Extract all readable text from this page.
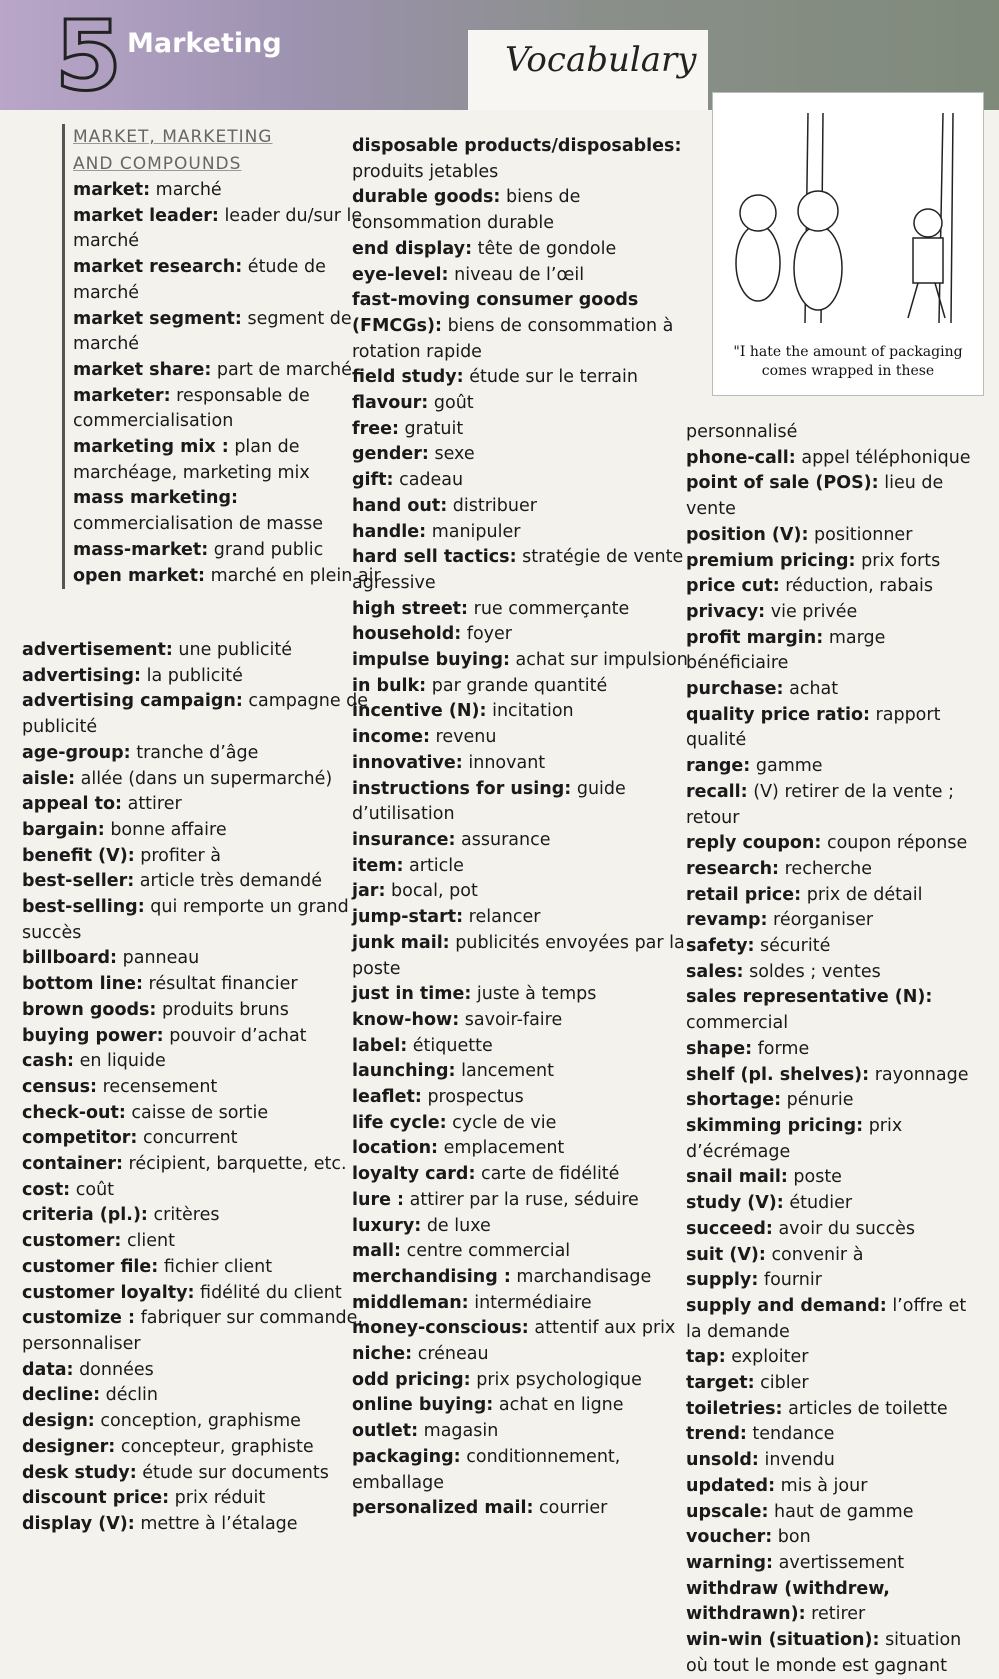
5 Marketing	Vocabulary
MARKET, MARKETING
AND COMPOUNDS
market: marché
market leader: leader du/sur le marché
market research: étude de marché
market segment: segment de marché
market share: part de marché
marketer: responsable de commercialisation
marketing mix : plan de marchéage, marketing mix
mass marketing: commercialisation de masse
mass-market: grand public
open market: marché en plein air
advertisement: une publicité
advertising: la publicité
advertising campaign: campagne de publicité
age-group: tranche d’âge
aisle: allée (dans un supermarché)
appeal to: attirer
bargain: bonne affaire
benefit (V): profiter à
best-seller: article très demandé
best-selling: qui remporte un grand succès
billboard: panneau
bottom line: résultat financier
brown goods: produits bruns
buying power: pouvoir d’achat
cash: en liquide
census: recensement
check-out: caisse de sortie
competitor: concurrent
container: récipient, barquette, etc.
cost: coût
criteria (pl.): critères
customer: client
customer file: fichier client
customer loyalty: fidélité du client
customize : fabriquer sur commande, personnaliser
data: données
decline: déclin
design: conception, graphisme
designer: concepteur, graphiste
desk study: étude sur documents
discount price: prix réduit
display (V): mettre à l’étalage
disposable products/disposables: produits jetables
durable goods: biens de consommation durable
end display: tête de gondole
eye-level: niveau de l’œil
fast-moving consumer goods (FMCGs): biens de consommation à rotation rapide
field study: étude sur le terrain
flavour: goût
free: gratuit
gender: sexe
gift: cadeau
hand out: distribuer
handle: manipuler
hard sell tactics: stratégie de vente agressive
high street: rue commerçante
household: foyer
impulse buying: achat sur impulsion
in bulk: par grande quantité
incentive (N): incitation
income: revenu
innovative: innovant
instructions for using: guide d’utilisation
insurance: assurance
item: article
jar: bocal, pot
jump-start: relancer
junk mail: publicités envoyées par la poste
just in time: juste à temps
know-how: savoir-faire
label: étiquette
launching: lancement
leaflet: prospectus
life cycle: cycle de vie
location: emplacement
loyalty card: carte de fidélité
lure : attirer par la ruse, séduire
luxury: de luxe
mall: centre commercial
merchandising : marchandisage
middleman: intermédiaire
money-conscious: attentif aux prix
niche: créneau
odd pricing: prix psychologique
online buying: achat en ligne
outlet: magasin
packaging: conditionnement, emballage
personalized mail: courrier
"I hate the amount of packaging
comes wrapped in these
personnalisé
phone-call: appel téléphonique
point of sale (POS): lieu de vente
position (V): positionner
premium pricing: prix forts
price cut: réduction, rabais
privacy: vie privée
profit margin: marge bénéficiaire
purchase: achat
quality price ratio: rapport qualité
range: gamme
recall: (V) retirer de la vente ; retour
reply coupon: coupon réponse
research: recherche
retail price: prix de détail
revamp: réorganiser
safety: sécurité
sales: soldes ; ventes
sales representative (N): commercial
shape: forme
shelf (pl. shelves): rayonnage
shortage: pénurie
skimming pricing: prix d’écrémage
snail mail: poste
study (V): étudier
succeed: avoir du succès
suit (V): convenir à
supply: fournir
supply and demand: l’offre et la demande
tap: exploiter
target: cibler
toiletries: articles de toilette
trend: tendance
unsold: invendu
updated: mis à jour
upscale: haut de gamme
voucher: bon
warning: avertissement
withdraw (withdrew, withdrawn): retirer
win-win (situation): situation où tout le monde est gagnant
